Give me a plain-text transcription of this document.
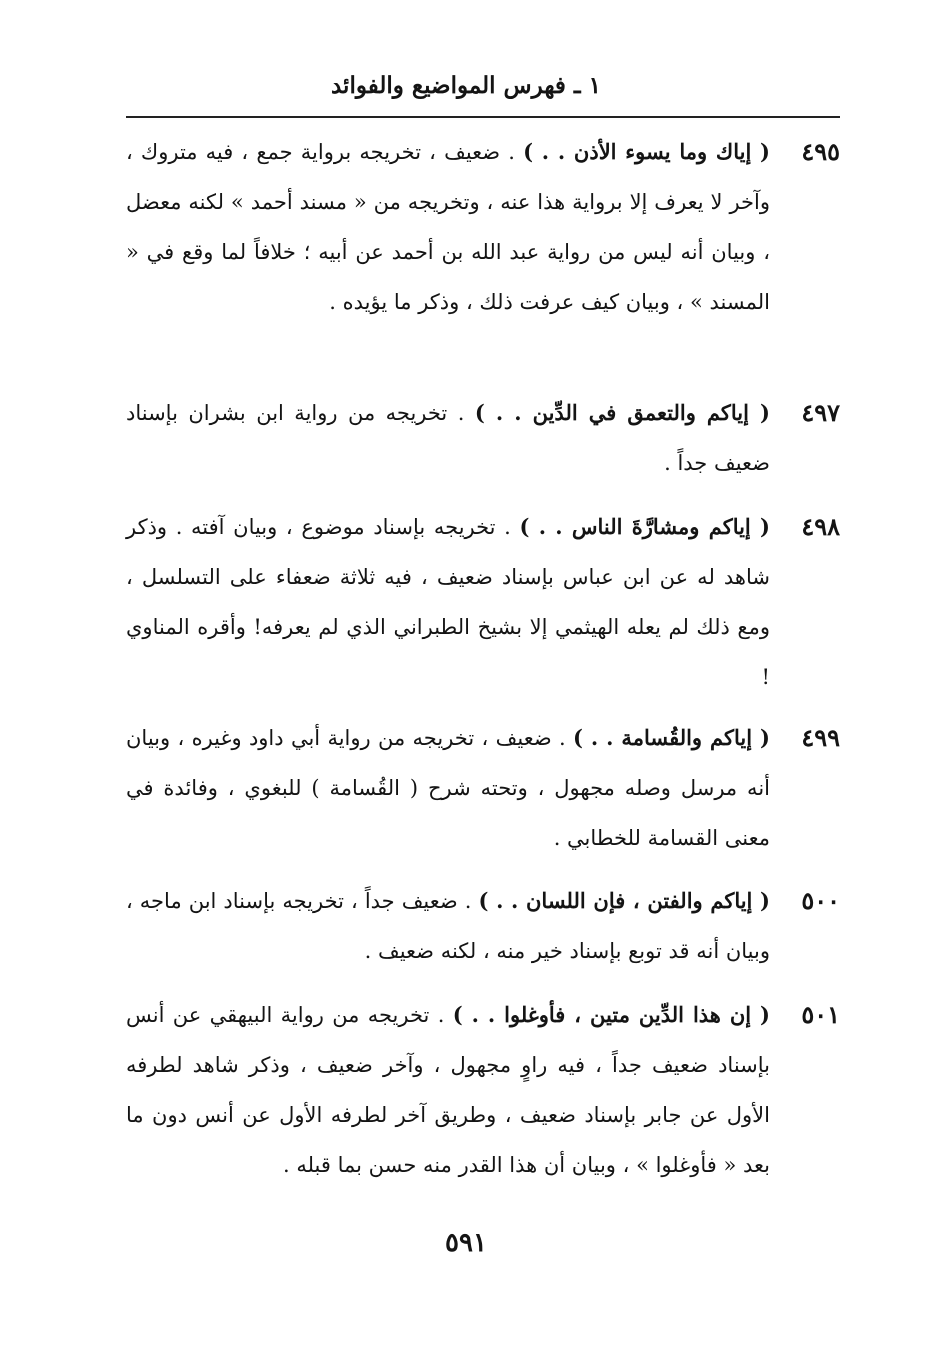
١ ـ فهرس المواضيع والفوائد
٤٩٥
( إياك وما يسوء الأذن . . ) . ضعيف ، تخريجه برواية جمع ، فيه متروك ، وآخر لا يعرف إلا برواية هذا عنه ، وتخريجه من « مسند أحمد » لكنه معضل ، وبيان أنه ليس من رواية عبد الله بن أحمد عن أبيه ؛ خلافاً لما وقع في « المسند » ، وبيان كيف عرفت ذلك ، وذكر ما يؤيده .
٤٩٧
( إياكم والتعمق في الدِّين . . ) . تخريجه من رواية ابن بشران بإسناد ضعيف جداً .
٤٩٨
( إياكم ومشارَّةَ الناس . . ) . تخريجه بإسناد موضوع ، وبيان آفته . وذكر شاهد له عن ابن عباس بإسناد ضعيف ، فيه ثلاثة ضعفاء على التسلسل ، ومع ذلك لم يعله الهيثمي إلا بشيخ الطبراني الذي لم يعرفه! وأقره المناوي !
٤٩٩
( إياكم والقُسامة . . ) . ضعيف ، تخريجه من رواية أبي داود وغيره ، وبيان أنه مرسل وصله مجهول ، وتحته شرح ( القُسامة ) للبغوي ، وفائدة في معنى القسامة للخطابي .
٥٠٠
( إياكم والفتن ، فإن اللسان . . ) . ضعيف جداً ، تخريجه بإسناد ابن ماجه ، وبيان أنه قد توبع بإسناد خير منه ، لكنه ضعيف .
٥٠١
( إن هذا الدِّين متين ، فأوغلوا . . ) . تخريجه من رواية البيهقي عن أنس بإسناد ضعيف جداً ، فيه راوٍ مجهول ، وآخر ضعيف ، وذكر شاهد لطرفه الأول عن جابر بإسناد ضعيف ، وطريق آخر لطرفه الأول عن أنس دون ما بعد « فأوغلوا » ، وبيان أن هذا القدر منه حسن بما قبله .
٥٩١
